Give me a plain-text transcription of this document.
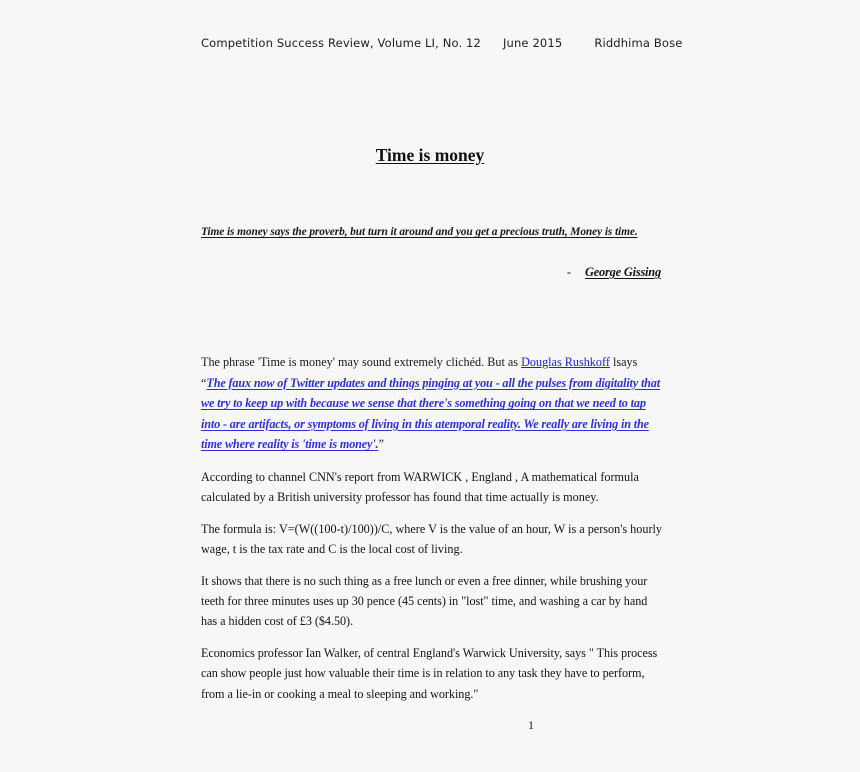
Competition Success Review, Volume LI, No. 12 June 2015	Riddhima Bose
Time is money
Time is money says the proverb, but turn it around and you get a precious truth, Money is time.
- George Gissing

The phrase 'Time is money' may sound extremely clichéd. But as Douglas Rushkoff lsays “The faux now of Twitter updates and things pinging at you - all the pulses from digitality that we try to keep up with because we sense that there's something going on that we need to tap into - are artifacts, or symptoms of living in this atemporal reality. We really are living in the time where reality is 'time is money'.”

According to channel CNN's report from WARWICK , England , A mathematical formula calculated by a British university professor has found that time actually is money.

The formula is: V=(W((100-t)/100))/C, where V is the value of an hour, W is a person's hourly wage, t is the tax rate and C is the local cost of living.

It shows that there is no such thing as a free lunch or even a free dinner, while brushing your teeth for three minutes uses up 30 pence (45 cents) in "lost" time, and washing a car by hand has a hidden cost of £3 ($4.50).

Economics professor Ian Walker, of central England's Warwick University, says " This process can show people just how valuable their time is in relation to any task they have to perform, from a lie-in or cooking a meal to sleeping and working."

1
